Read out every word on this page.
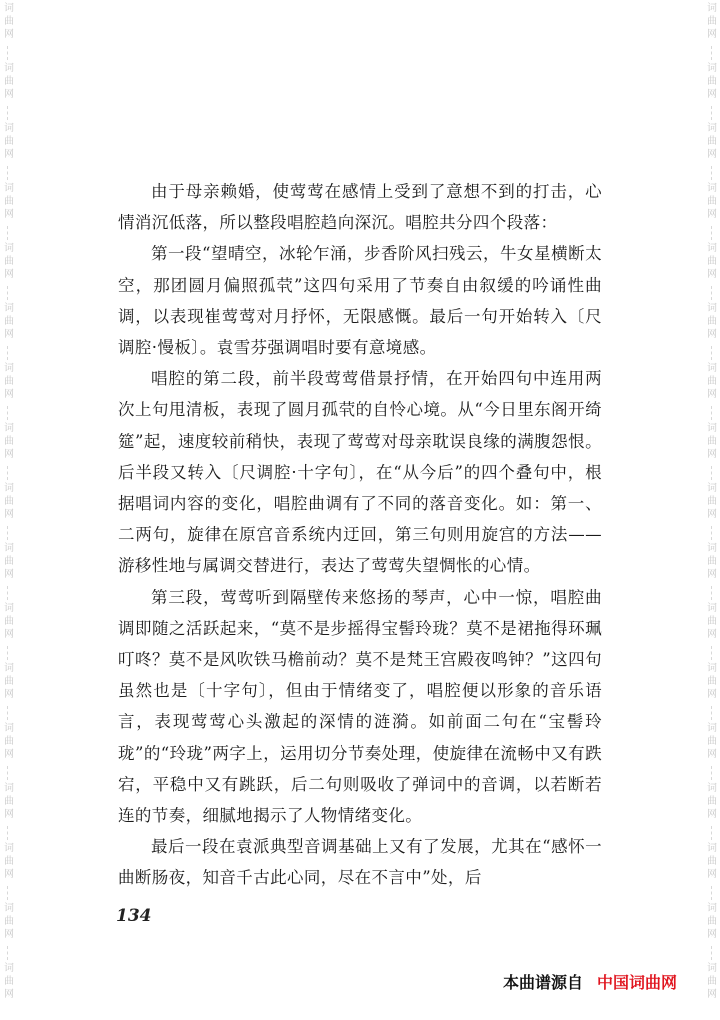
词
曲
网
词
曲
网
词
曲
网
词
曲
网
词
曲
网
词
曲
网
词
曲
网
词
曲
网
词
曲
网
词
曲
网
词
曲
网
词
曲
网
词
曲
网
词
曲
网
词
曲
网
词
曲
网
词
曲
网
词
曲
网
词
曲
网
词
曲
网
词
曲
网
词
曲
网
词
曲
网
词
曲
网
词
曲
网
词
曲
网
词
曲
网
词
曲
网
词
曲
网
词
曲
网
词
曲
网
词
曲
网
词
曲
网
词
曲
网

由于母亲赖婚，使莺莺在感情上受到了意想不到的打击，心情消沉低落，所以整段唱腔趋向深沉。唱腔共分四个段落：

第一段“望晴空，冰轮乍涌，步香阶风扫残云，牛女星横断太空，那团圆月偏照孤茕”这四句采用了节奏自由叙缓的吟诵性曲调，以表现崔莺莺对月抒怀，无限感慨。最后一句开始转入〔尺调腔·慢板〕。袁雪芬强调唱时要有意境感。

唱腔的第二段，前半段莺莺借景抒情，在开始四句中连用两次上句甩清板，表现了圆月孤茕的自怜心境。从“今日里东阁开绮筵”起，速度较前稍快，表现了莺莺对母亲耽误良缘的满腹怨恨。后半段又转入〔尺调腔·十字句〕，在“从今后”的四个叠句中，根据唱词内容的变化，唱腔曲调有了不同的落音变化。如：第一、二两句，旋律在原宫音系统内迂回，第三句则用旋宫的方法——游移性地与属调交替进行，表达了莺莺失望惆怅的心情。

第三段，莺莺听到隔壁传来悠扬的琴声，心中一惊，唱腔曲调即随之活跃起来，“莫不是步摇得宝髻玲珑？莫不是裙拖得环珮叮咚？莫不是风吹铁马檐前动？莫不是梵王宫殿夜鸣钟？”这四句虽然也是〔十字句〕，但由于情绪变了，唱腔便以形象的音乐语言，表现莺莺心头激起的深情的涟漪。如前面二句在“宝髻玲珑”的“玲珑”两字上，运用切分节奏处理，使旋律在流畅中又有跌宕，平稳中又有跳跃，后二句则吸收了弹词中的音调，以若断若连的节奏，细腻地揭示了人物情绪变化。

最后一段在袁派典型音调基础上又有了发展，尤其在“感怀一曲断肠夜，知音千古此心同，尽在不言中”处，后

134
本曲谱源自 中国词曲网
